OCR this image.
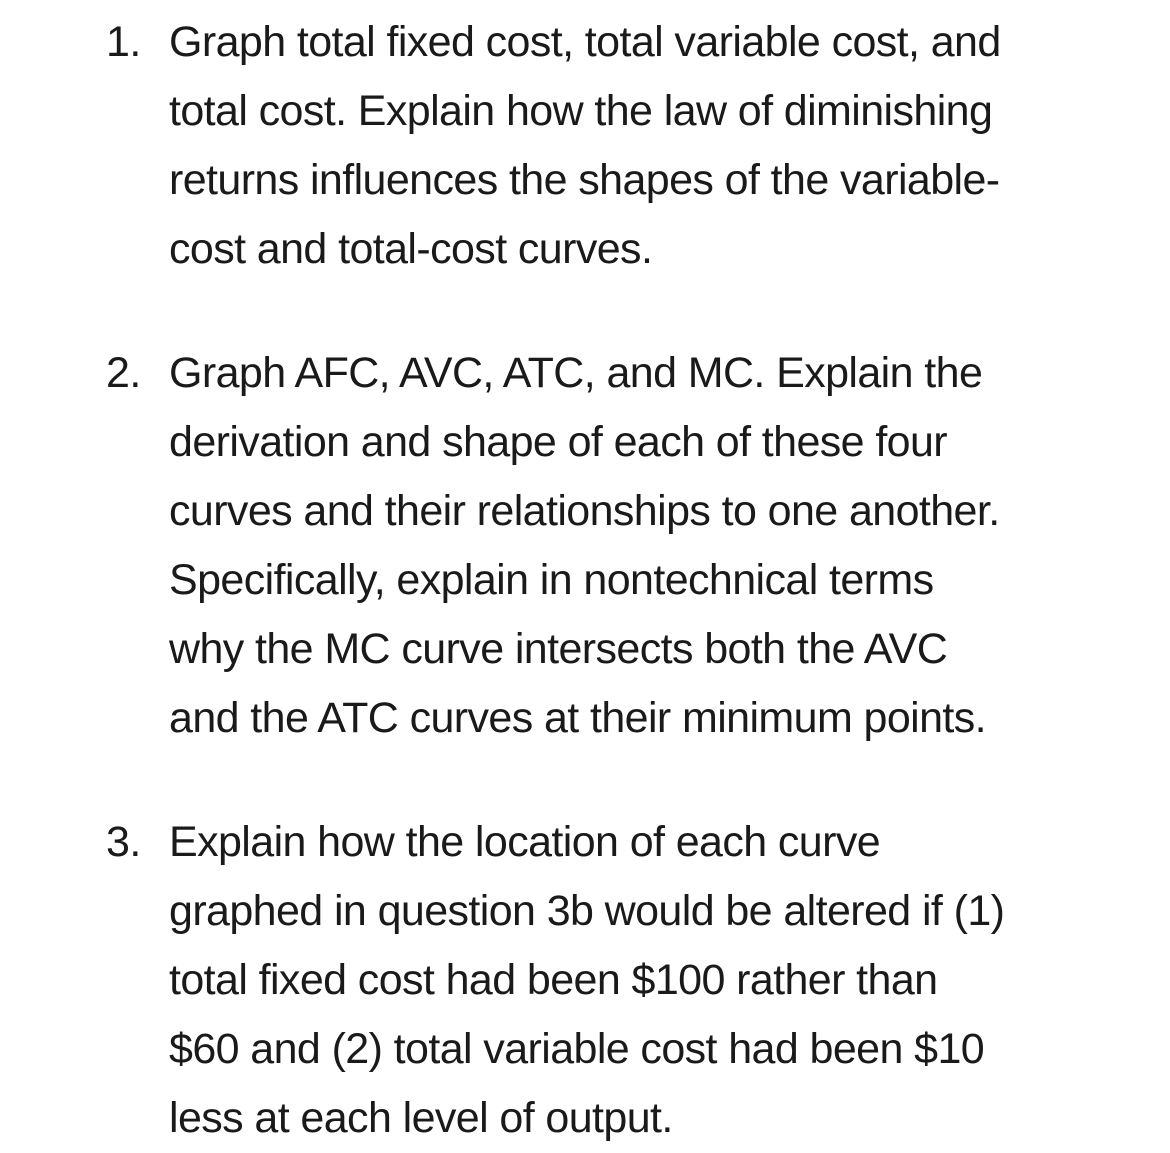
1. Graph total fixed cost, total variable cost, and
total cost. Explain how the law of diminishing
returns influences the shapes of the variable-
cost and total-cost curves.
2. Graph AFC, AVC, ATC, and MC. Explain the
derivation and shape of each of these four
curves and their relationships to one another.
Specifically, explain in nontechnical terms
why the MC curve intersects both the AVC
and the ATC curves at their minimum points.
3. Explain how the location of each curve
graphed in question 3b would be altered if (1)
total fixed cost had been $100 rather than
$60 and (2) total variable cost had been $10
less at each level of output.
